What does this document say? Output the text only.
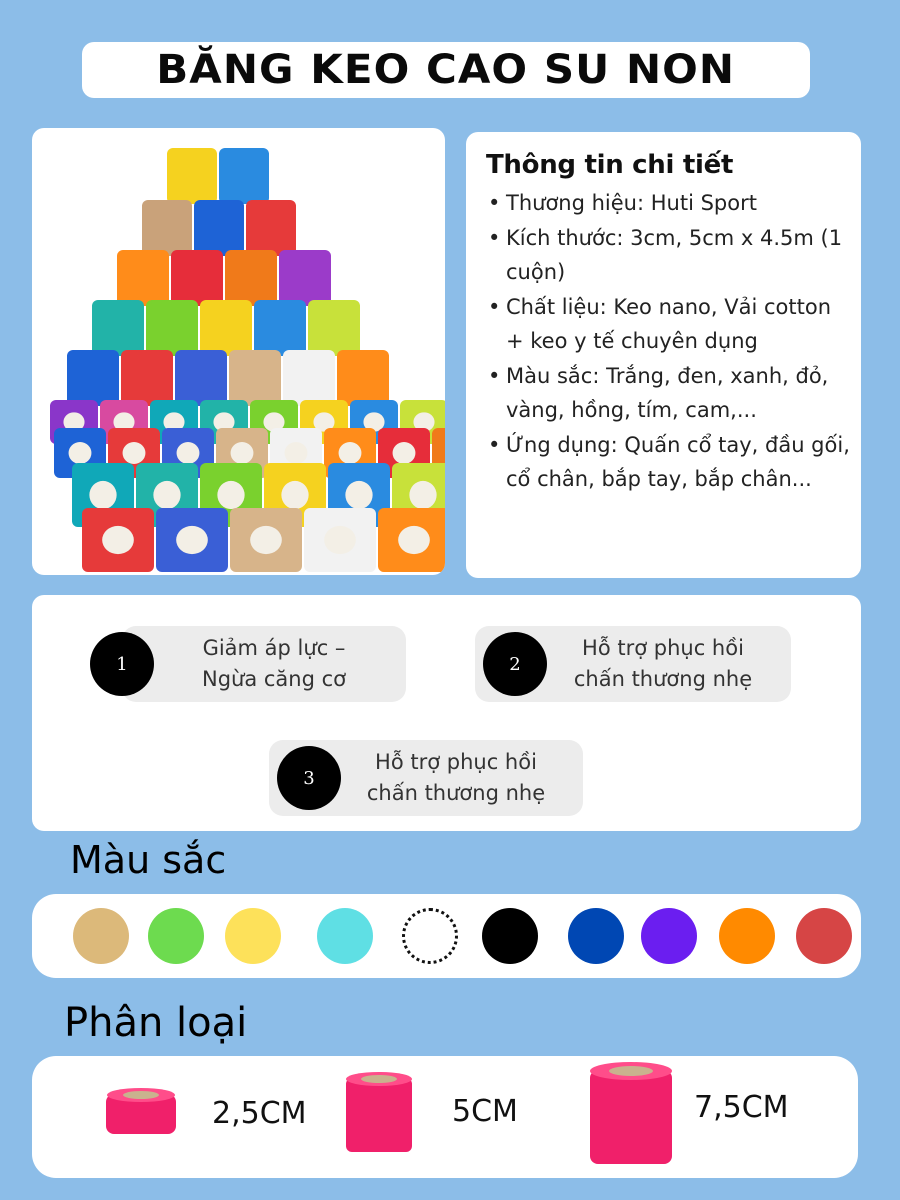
BĂNG KEO CAO SU NON
Thông tin chi tiết
• Thương hiệu: Huti Sport
• Kích thước: 3cm, 5cm x 4.5m (1 cuộn)
• Chất liệu: Keo nano, Vải cotton + keo y tế chuyên dụng
• Màu sắc: Trắng, đen, xanh, đỏ, vàng, hồng, tím, cam,...
• Ứng dụng: Quấn cổ tay, đầu gối, cổ chân, bắp tay, bắp chân...
1
Giảm áp lực –
Ngừa căng cơ
2
Hỗ trợ phục hồi
chấn thương nhẹ
3
Hỗ trợ phục hồi
chấn thương nhẹ
Màu sắc
Phân loại
2,5CM	5CM	7,5CM
